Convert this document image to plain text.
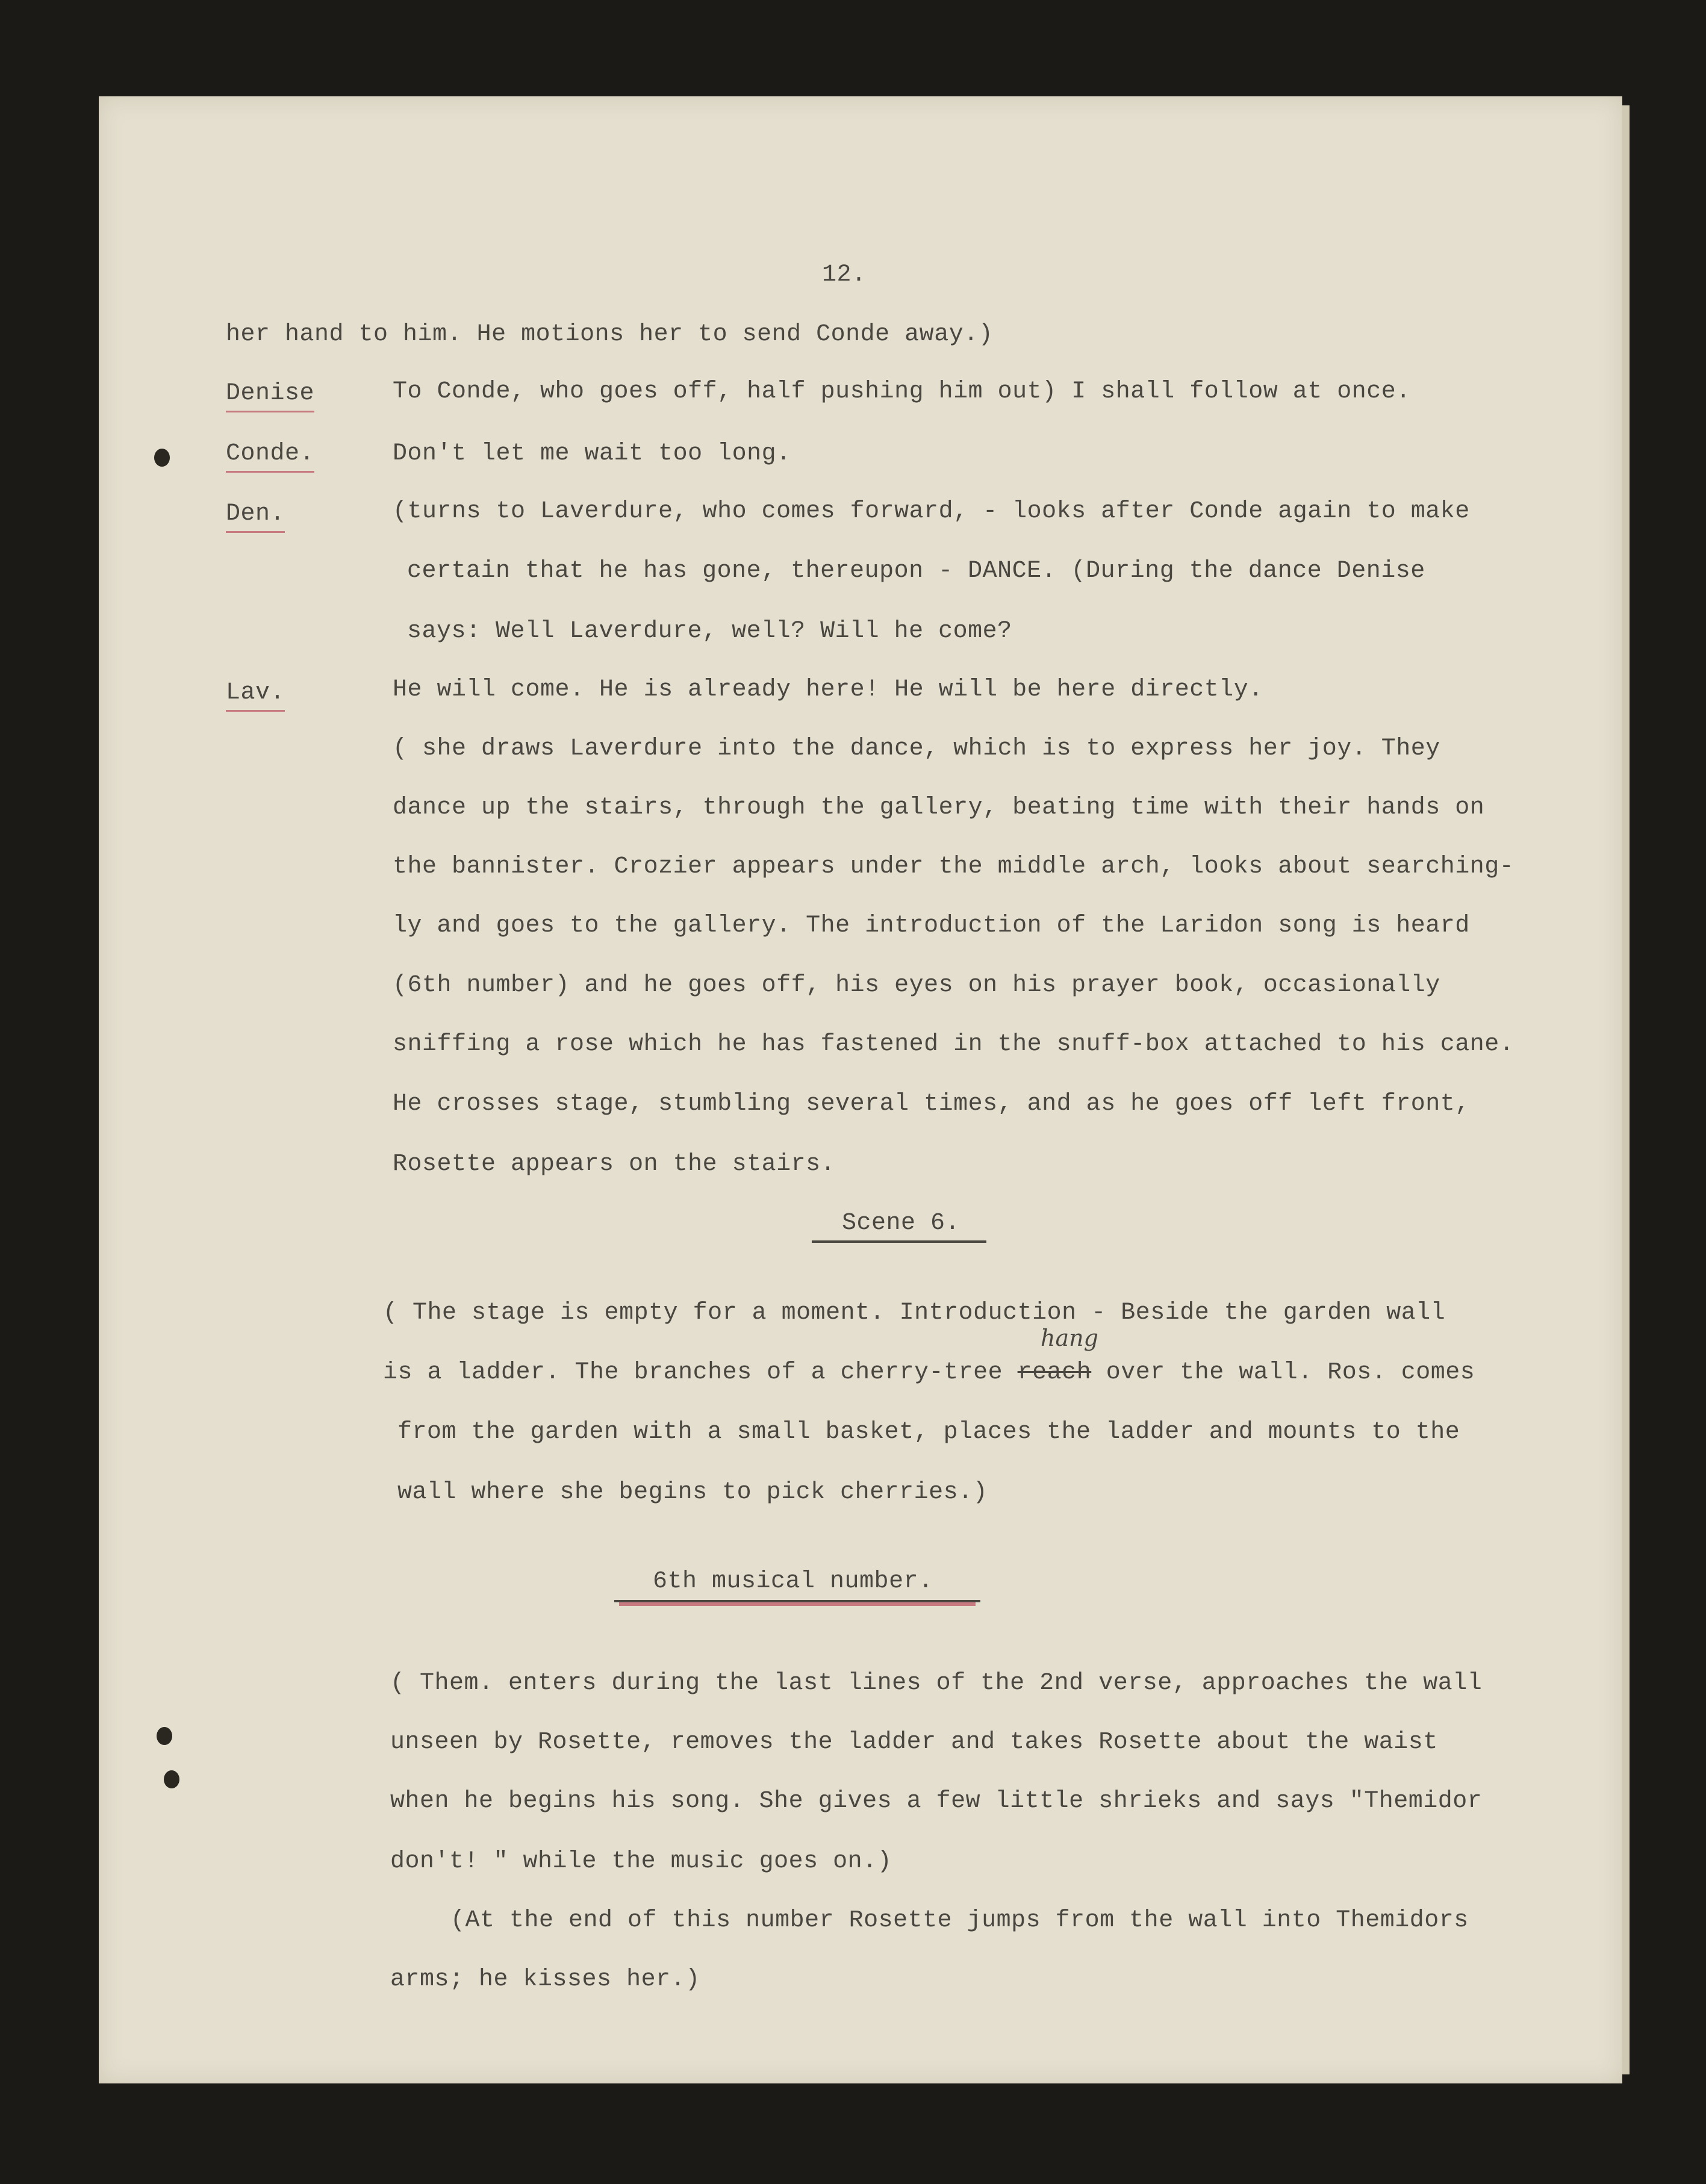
12.

her hand to him. He motions her to send Conde away.)

Denise	To Conde, who goes off, half pushing him out) I shall follow at once.

Conde.	Don't let me wait too long.

Den.	(turns to Laverdure, who comes forward, - looks after Conde again to make

certain that he has gone, thereupon - DANCE. (During the dance Denise

says: Well Laverdure, well? Will he come?

Lav.	He will come. He is already here! He will be here directly.

( she draws Laverdure into the dance, which is to express her joy. They

dance up the stairs, through the gallery, beating time with their hands on

the bannister. Crozier appears under the middle arch, looks about searching-

ly and goes to the gallery. The introduction of the Laridon song is heard

(6th number) and he goes off, his eyes on his prayer book, occasionally

sniffing a rose which he has fastened in the snuff-box attached to his cane.

He crosses stage, stumbling several times, and as he goes off left front,

Rosette appears on the stairs.

Scene 6.

( The stage is empty for a moment. Introduction - Beside the garden wall

is a ladder. The branches of a cherry-tree reach over the wall. Ros. comes

hang

from the garden with a small basket, places the ladder and mounts to the

wall where she begins to pick cherries.)

6th musical number.

( Them. enters during the last lines of the 2nd verse, approaches the wall

unseen by Rosette, removes the ladder and takes Rosette about the waist

when he begins his song. She gives a few little shrieks and says "Themidor

don't! " while the music goes on.)

(At the end of this number Rosette jumps from the wall into Themidors

arms; he kisses her.)
